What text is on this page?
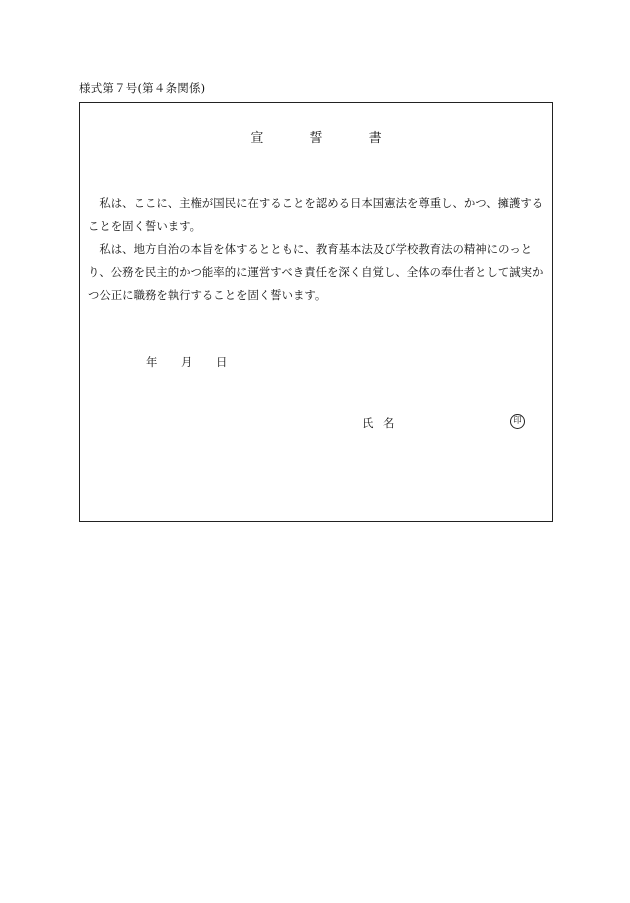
様式第７号(第４条関係)
宣	誓	書
私は、ここに、主権が国民に在することを認める日本国憲法を尊重し、かつ、擁護することを固く誓います。
私は、地方自治の本旨を体するとともに、教育基本法及び学校教育法の精神にのっとり、公務を民主的かつ能率的に運営すべき責任を深く自覚し、全体の奉仕者として誠実かつ公正に職務を執行することを固く誓います。
年 月 日
氏 名	印
